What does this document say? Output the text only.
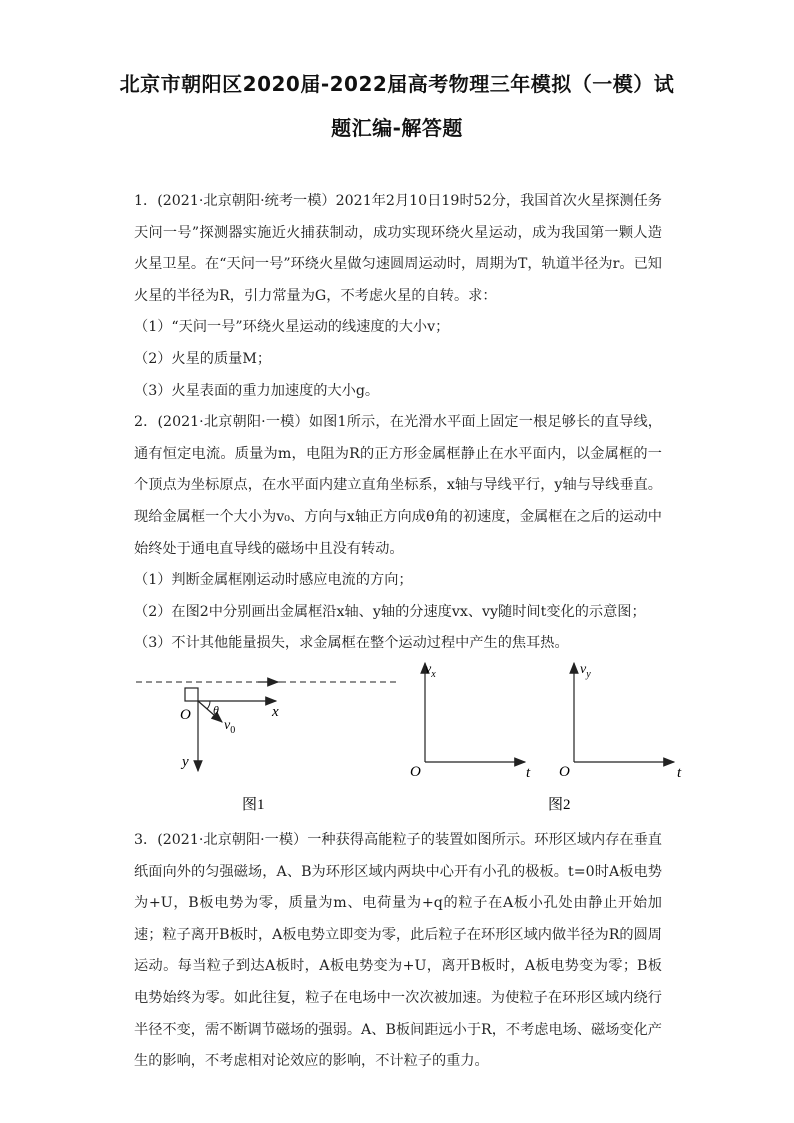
北京市朝阳区2020届-2022届高考物理三年模拟（一模）试
题汇编-解答题

1．(2021·北京朝阳·统考一模）2021年2月10日19时52分，我国首次火星探测任务天问一号”探测器实施近火捕获制动，成功实现环绕火星运动，成为我国第一颗人造火星卫星。在“天问一号”环绕火星做匀速圆周运动时，周期为T，轨道半径为r。已知火星的半径为R，引力常量为G，不考虑火星的自转。求：

（1）“天问一号”环绕火星运动的线速度的大小v；

（2）火星的质量M；

（3）火星表面的重力加速度的大小g。

2．(2021·北京朝阳·一模）如图1所示，在光滑水平面上固定一根足够长的直导线，通有恒定电流。质量为m，电阻为R的正方形金属框静止在水平面内，以金属框的一个顶点为坐标原点，在水平面内建立直角坐标系，x轴与导线平行，y轴与导线垂直。现给金属框一个大小为v₀、方向与x轴正方向成θ角的初速度，金属框在之后的运动中始终处于通电直导线的磁场中且没有转动。

（1）判断金属框刚运动时感应电流的方向；

（2）在图2中分别画出金属框沿x轴、y轴的分速度vx、vy随时间t变化的示意图；

（3）不计其他能量损失，求金属框在整个运动过程中产生的焦耳热。

O	x
y
θ
$v_0$
图1
$v_x$
O	t
$v_y$
O	t
图2

3．(2021·北京朝阳·一模）一种获得高能粒子的装置如图所示。环形区域内存在垂直纸面向外的匀强磁场，A、B为环形区域内两块中心开有小孔的极板。t=0时A板电势为+U，B板电势为零，质量为m、电荷量为+q的粒子在A板小孔处由静止开始加速；粒子离开B板时，A板电势立即变为零，此后粒子在环形区域内做半径为R的圆周运动。每当粒子到达A板时，A板电势变为+U，离开B板时，A板电势变为零；B板电势始终为零。如此往复，粒子在电场中一次次被加速。为使粒子在环形区域内绕行半径不变，需不断调节磁场的强弱。A、B板间距远小于R，不考虑电场、磁场变化产生的影响，不考虑相对论效应的影响，不计粒子的重力。
